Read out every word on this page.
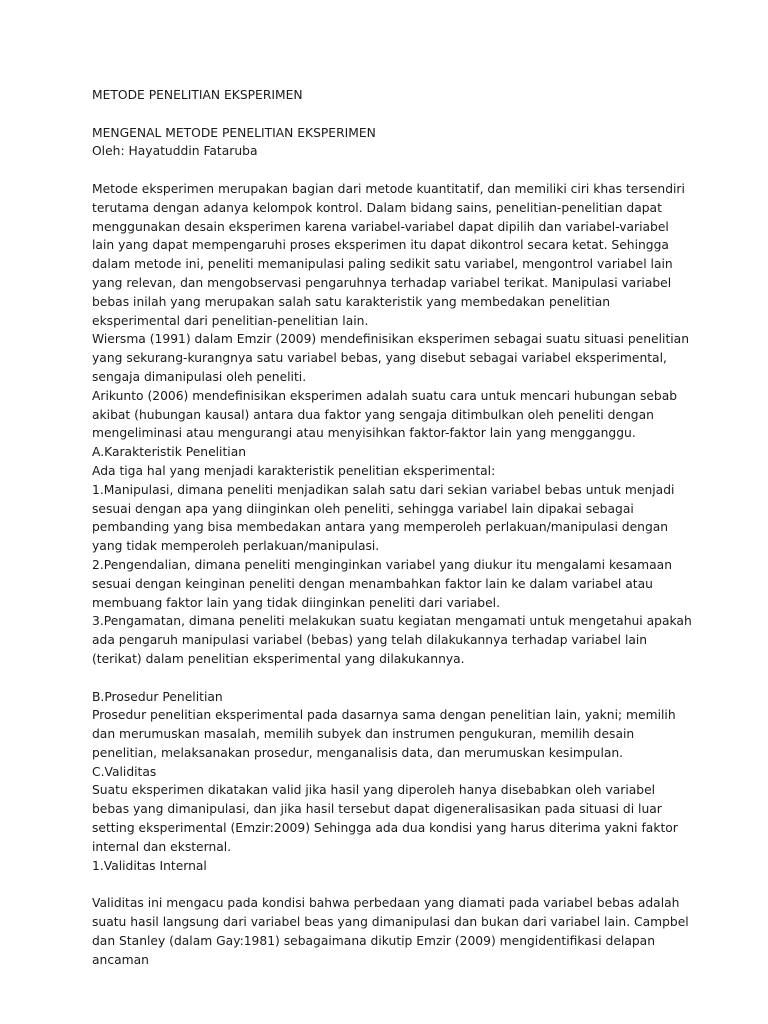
METODE PENELITIAN EKSPERIMEN

MENGENAL METODE PENELITIAN EKSPERIMEN

Oleh: Hayatuddin Fataruba

Metode eksperimen merupakan bagian dari metode kuantitatif, dan memiliki ciri khas tersendiri terutama dengan adanya kelompok kontrol. Dalam bidang sains, penelitian-penelitian dapat menggunakan desain eksperimen karena variabel-variabel dapat dipilih dan variabel-variabel lain yang dapat mempengaruhi proses eksperimen itu dapat dikontrol secara ketat. Sehingga dalam metode ini, peneliti memanipulasi paling sedikit satu variabel, mengontrol variabel lain yang relevan, dan mengobservasi pengaruhnya terhadap variabel terikat. Manipulasi variabel bebas inilah yang merupakan salah satu karakteristik yang membedakan penelitian eksperimental dari penelitian-penelitian lain.

Wiersma (1991) dalam Emzir (2009) mendefinisikan eksperimen sebagai suatu situasi penelitian yang sekurang-kurangnya satu variabel bebas, yang disebut sebagai variabel eksperimental, sengaja dimanipulasi oleh peneliti.

Arikunto (2006) mendefinisikan eksperimen adalah suatu cara untuk mencari hubungan sebab akibat (hubungan kausal) antara dua faktor yang sengaja ditimbulkan oleh peneliti dengan mengeliminasi atau mengurangi atau menyisihkan faktor-faktor lain yang mengganggu.

A.Karakteristik Penelitian

Ada tiga hal yang menjadi karakteristik penelitian eksperimental:

1.Manipulasi, dimana peneliti menjadikan salah satu dari sekian variabel bebas untuk menjadi sesuai dengan apa yang diinginkan oleh peneliti, sehingga variabel lain dipakai sebagai pembanding yang bisa membedakan antara yang memperoleh perlakuan/manipulasi dengan yang tidak memperoleh perlakuan/manipulasi.

2.Pengendalian, dimana peneliti menginginkan variabel yang diukur itu mengalami kesamaan sesuai dengan keinginan peneliti dengan menambahkan faktor lain ke dalam variabel atau membuang faktor lain yang tidak diinginkan peneliti dari variabel.

3.Pengamatan, dimana peneliti melakukan suatu kegiatan mengamati untuk mengetahui apakah ada pengaruh manipulasi variabel (bebas) yang telah dilakukannya terhadap variabel lain (terikat) dalam penelitian eksperimental yang dilakukannya.

B.Prosedur Penelitian

Prosedur penelitian eksperimental pada dasarnya sama dengan penelitian lain, yakni; memilih dan merumuskan masalah, memilih subyek dan instrumen pengukuran, memilih desain penelitian, melaksanakan prosedur, menganalisis data, dan merumuskan kesimpulan.

C.Validitas

Suatu eksperimen dikatakan valid jika hasil yang diperoleh hanya disebabkan oleh variabel bebas yang dimanipulasi, dan jika hasil tersebut dapat digeneralisasikan pada situasi di luar setting eksperimental (Emzir:2009) Sehingga ada dua kondisi yang harus diterima yakni faktor internal dan eksternal.

1.Validitas Internal

Validitas ini mengacu pada kondisi bahwa perbedaan yang diamati pada variabel bebas adalah suatu hasil langsung dari variabel beas yang dimanipulasi dan bukan dari variabel lain. Campbel dan Stanley (dalam Gay:1981) sebagaimana dikutip Emzir (2009) mengidentifikasi delapan ancaman
